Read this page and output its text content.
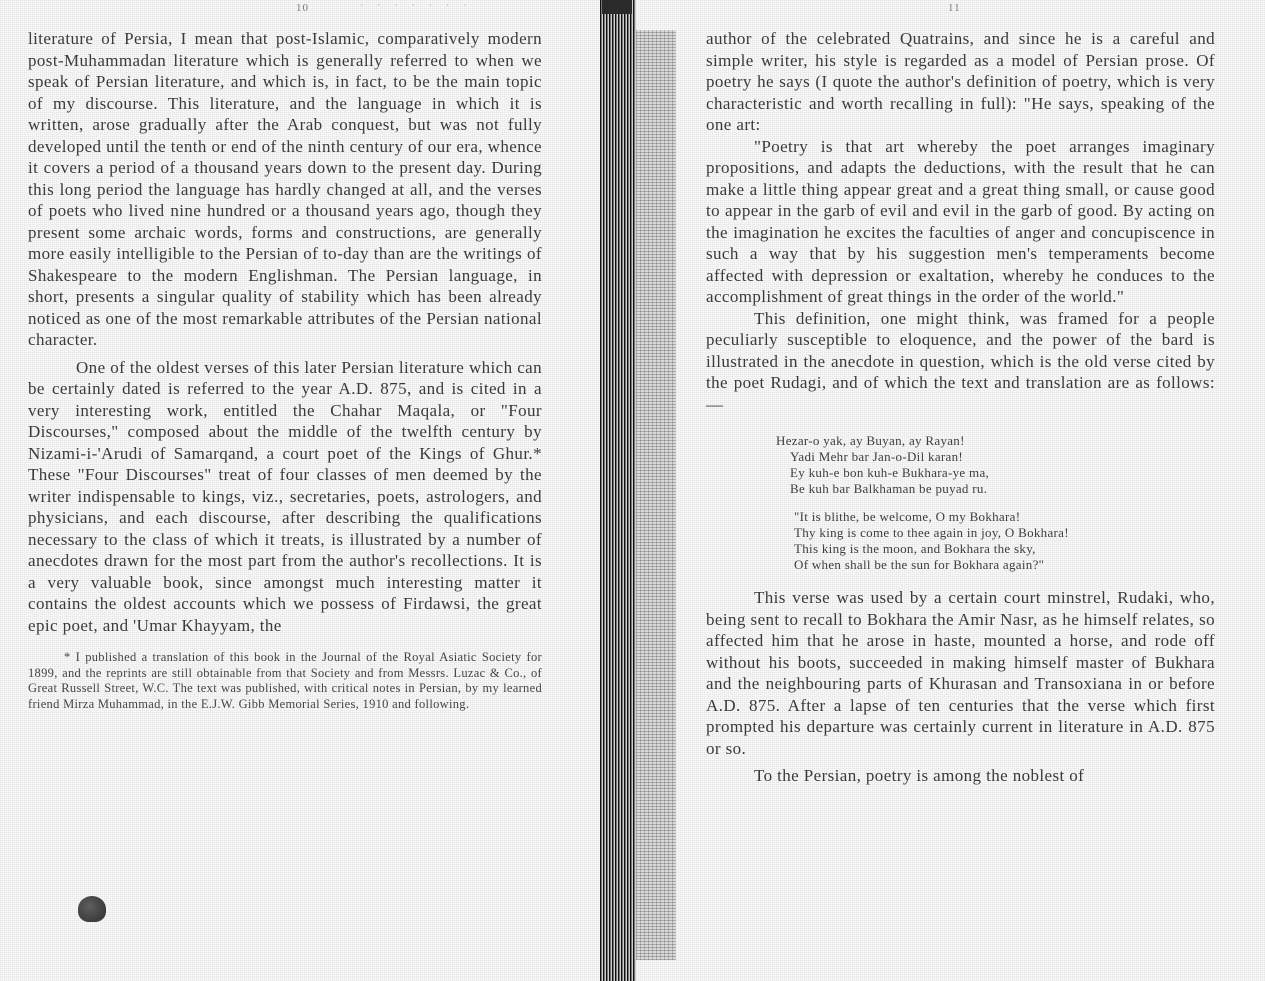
10	· · · · · · ·

literature of Persia, I mean that post-Islamic, comparatively modern post-Muhammadan literature which is generally referred to when we speak of Persian literature, and which is, in fact, to be the main topic of my discourse. This literature, and the language in which it is written, arose gradually after the Arab conquest, but was not fully developed until the tenth or end of the ninth century of our era, whence it covers a period of a thousand years down to the present day. During this long period the language has hardly changed at all, and the verses of poets who lived nine hundred or a thousand years ago, though they present some archaic words, forms and constructions, are generally more easily intelligible to the Persian of to-day than are the writings of Shakespeare to the modern Englishman. The Persian language, in short, presents a singular quality of stability which has been already noticed as one of the most remarkable attributes of the Persian national character.

One of the oldest verses of this later Persian literature which can be certainly dated is referred to the year A.D. 875, and is cited in a very interesting work, entitled the Chahar Maqala, or "Four Discourses," composed about the middle of the twelfth century by Nizami-i-'Arudi of Samarqand, a court poet of the Kings of Ghur.* These "Four Discourses" treat of four classes of men deemed by the writer indispensable to kings, viz., secretaries, poets, astrologers, and physicians, and each discourse, after describing the qualifications necessary to the class of which it treats, is illustrated by a number of anecdotes drawn for the most part from the author's recollections. It is a very valuable book, since amongst much interesting matter it contains the oldest accounts which we possess of Firdawsi, the great epic poet, and 'Umar Khayyam, the

* I published a translation of this book in the Journal of the Royal Asiatic Society for 1899, and the reprints are still obtainable from that Society and from Messrs. Luzac & Co., of Great Russell Street, W.C. The text was published, with critical notes in Persian, by my learned friend Mirza Muhammad, in the E.J.W. Gibb Memorial Series, 1910 and following.

11

author of the celebrated Quatrains, and since he is a careful and simple writer, his style is regarded as a model of Persian prose. Of poetry he says (I quote the author's definition of poetry, which is very characteristic and worth recalling in full): "He says, speaking of the one art:

"Poetry is that art whereby the poet arranges imaginary propositions, and adapts the deductions, with the result that he can make a little thing appear great and a great thing small, or cause good to appear in the garb of evil and evil in the garb of good. By acting on the imagination he excites the faculties of anger and concupiscence in such a way that by his suggestion men's temperaments become affected with depression or exaltation, whereby he conduces to the accomplishment of great things in the order of the world."

This definition, one might think, was framed for a people peculiarly susceptible to eloquence, and the power of the bard is illustrated in the anecdote in question, which is the old verse cited by the poet Rudagi, and of which the text and translation are as follows:—

Hezar-o yak, ay Buyan, ay Rayan!
Yadi Mehr bar Jan-o-Dil karan!
Ey kuh-e bon kuh-e Bukhara-ye ma,
Be kuh bar Balkhaman be puyad ru.
"It is blithe, be welcome, O my Bokhara!
Thy king is come to thee again in joy, O Bokhara!
This king is the moon, and Bokhara the sky,
Of when shall be the sun for Bokhara again?"

This verse was used by a certain court minstrel, Rudaki, who, being sent to recall to Bokhara the Amir Nasr, as he himself relates, so affected him that he arose in haste, mounted a horse, and rode off without his boots, succeeded in making himself master of Bukhara and the neighbouring parts of Khurasan and Transoxiana in or before A.D. 875. After a lapse of ten centuries that the verse which first prompted his departure was certainly current in literature in A.D. 875 or so.

To the Persian, poetry is among the noblest of
